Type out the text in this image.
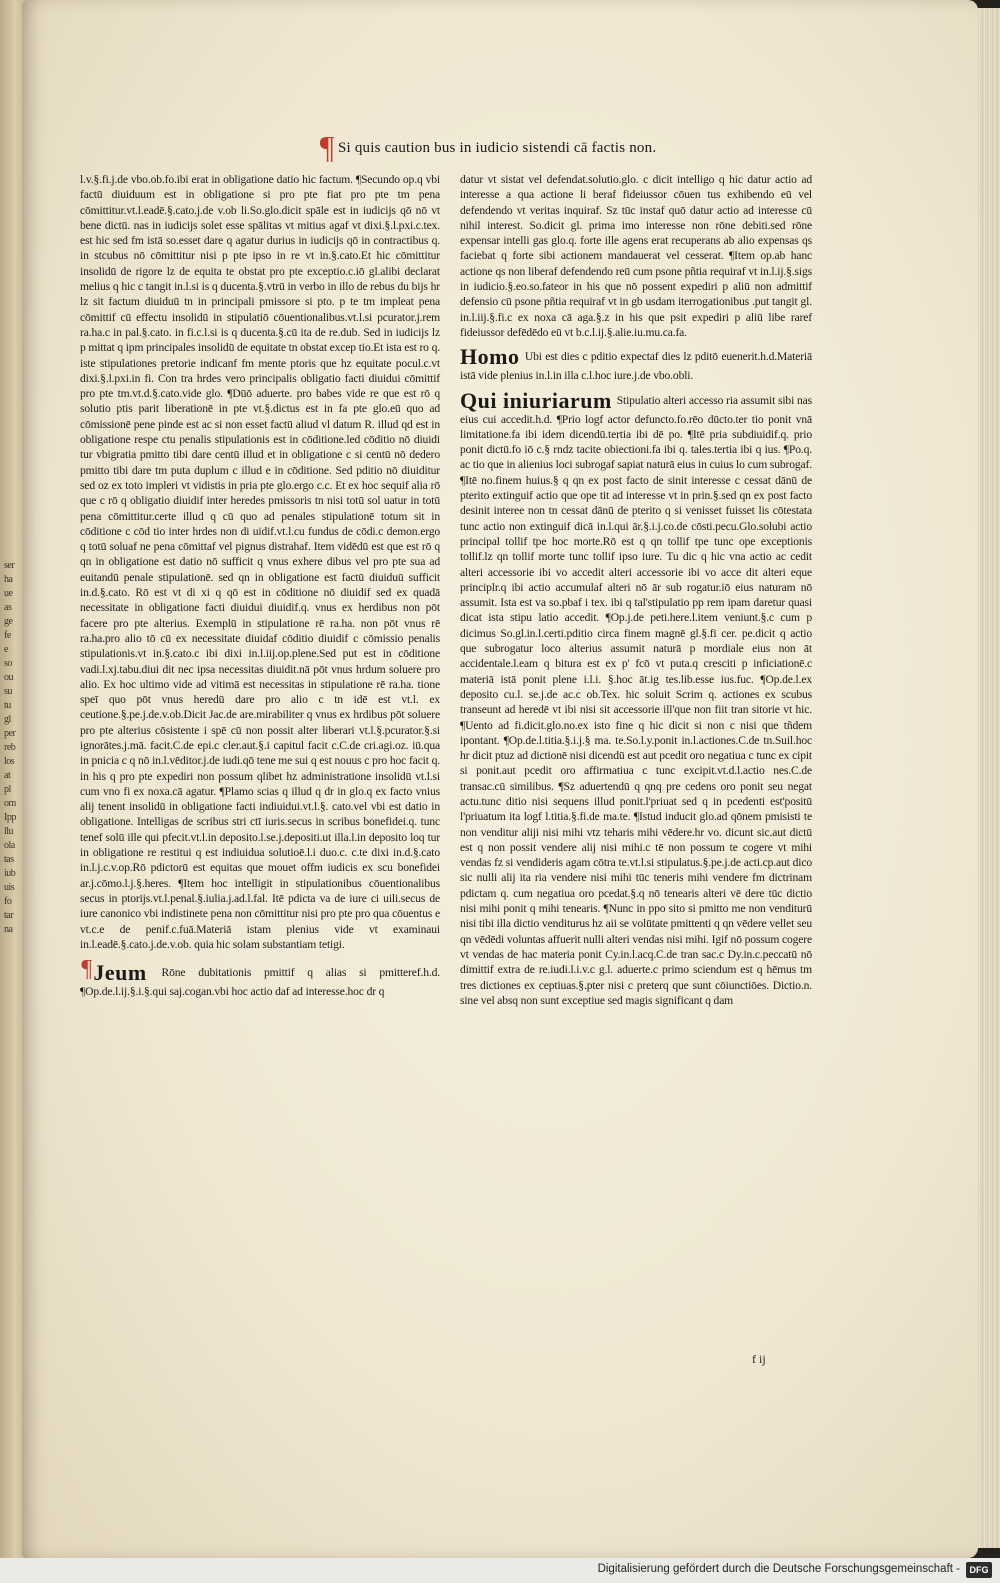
ser
ha
ue
as
ge
fe
e
so
ou
su
tu
gl
per
reb
los
at
pl
om
Ipp
llu
ola
tas
iub
uis
fo
tar
na
¶ Si quis caution bus in iudicio sistendi cā factis non.

l.v.§.fi.j.de vbo.ob.fo.ibi erat in obligatione datio hic factum. ¶Secundo op.q vbi factū diuiduum est in obligatione si pro pte fiat pro pte tm pena cōmittitur.vt.l.eadē.§.cato.j.de v.ob li.So.glo.dicit spāle est in iudicijs qō nō vt bene dictū. nas in iudicijs solet esse spālitas vt mitius agaf vt dixi.§.l.pxi.c.tex. est hic sed fm istā so.esset dare q agatur durius in iudicijs qō in contractibus q. in stcubus nō cōmittitur nisi p pte ipso in re vt in.§.cato.Et hic cōmittitur insolidū de rigore lz de equita te obstat pro pte exceptio.c.iō gl.alibi declarat melius q hic c tangit in.l.si is q ducenta.§.vtrū in verbo in illo de rebus du bijs hr lz sit factum diuiduū tn in principali pmissore si pto. p te tm impleat pena cōmittif cū effectu insolidū in stipulatiō cōuentionalibus.vt.l.si pcurator.j.rem ra.ha.c in pal.§.cato. in fi.c.l.si is q ducenta.§.cū ita de re.dub. Sed in iudicijs lz p mittat q ipm principales insolidū de equitate tn obstat excep tio.Et ista est ro q. iste stipulationes pretorie indicanf fm mente ptoris que hz equitate pocul.c.vt dixi.§.l.pxi.in fi. Con tra hrdes vero principalis obligatio facti diuidui cōmittif pro pte tm.vt.d.§.cato.vide glo. ¶Dūō aduerte. pro babes vide re que est rō q solutio ptis parit liberationē in pte vt.§.dictus est in fa pte glo.eū quo ad cōmissionē pene pinde est ac si non esset factū aliud vl datum R. illud qd est in obligatione respe ctu penalis stipulationis est in cōditione.led cōditio nō diuidi tur vbigratia pmitto tibi dare centū illud et in obligatione c si centū nō dedero pmitto tibi dare tm puta duplum c illud e in cōditione. Sed pditio nō diuiditur sed oz ex toto impleri vt vidistis in pria pte glo.ergo c.c. Et ex hoc sequif alia rō que c rō q obligatio diuidif inter heredes pmissoris tn nisi totū sol uatur in totū pena cōmittitur.certe illud q cū quo ad penales stipulationē totum sit in cōditione c cōd tio inter hrdes non di uidif.vt.l.cu fundus de cōdi.c demon.ergo q totū soluaf ne pena cōmittaf vel pignus distrahaf. Item vidēdū est que est rō q qn in obligatione est datio nō sufficit q vnus exhere dibus vel pro pte sua ad euitandū penale stipulationē. sed qn in obligatione est factū diuiduū sufficit in.d.§.cato. Rō est vt di xi q qō est in cōditione nō diuidif sed ex quadā necessitate in obligatione facti diuidui diuidif.q. vnus ex herdibus non pōt facere pro pte alterius. Exemplū in stipulatione rē ra.ha. non pōt vnus rē ra.ha.pro alio tō cū ex necessitate diuidaf cōditio diuidif c cōmissio penalis stipulationis.vt in.§.cato.c ibi dixi in.l.iij.op.plene.Sed put est in cōditione vadi.l.xj.tabu.diui dit nec ipsa necessitas diuidit.nā pōt vnus hrdum soluere pro alio. Ex hoc ultimo vide ad vitimā est necessitas in stipulatione rē ra.ha. tione speī quo pōt vnus heredū dare pro alio c tn idē est vt.l. ex ceutione.§.pe.j.de.v.ob.Dicit Jac.de are.mirabiliter q vnus ex hrdibus pōt soluere pro pte alterius cōsistente i spē cū non possit alter liberari vt.l.§.pcurator.§.si ignorātes.j.mā. facit.C.de epi.c cler.aut.§.i capitul facit c.C.de cri.agi.oz. iū.qua in pnicia c q nō in.l.vēditor.j.de iudi.qō tene me sui q est nouus c pro hoc facit q. in his q pro pte expediri non possum qlibet hz administratione insolidū vt.l.si cum vno fi ex noxa.cā agatur. ¶Plamo scias q illud q dr in glo.q ex facto vnius alij tenent insolidū in obligatione facti indiuidui.vt.l.§. cato.vel vbi est datio in obligatione. Intelligas de scribus stri ctī iuris.secus in scribus bonefidei.q. tunc tenef solū ille qui pfecit.vt.l.in deposito.l.se.j.depositi.ut illa.l.in deposito loq tur in obligatione re restitui q est indiuidua solutioē.l.i duo.c. c.te dixi in.d.§.cato in.l.j.c.v.op.Rō pdictorū est equitas que mouet offm iudicis ex scu bonefidei ar.j.cōmo.l.j.§.heres. ¶Item hoc intelligit in stipulationibus cōuentionalibus secus in ptorijs.vt.l.penal.§.iulia.j.ad.l.fal. Itē pdicta va de iure ci uili.secus de iure canonico vbi indistinete pena non cōmittitur nisi pro pte pro qua cōuentus e vt.c.e de penif.c.fuā.Materiā istam plenius vide vt examinaui in.l.eadē.§.cato.j.de.v.ob. quia hic solam substantiam tetigi.

¶Jeum Rōne dubitationis pmittif q alias si pmitteref.h.d. ¶Op.de.l.ij.§.i.§.qui saj.cogan.vbi hoc actio daf ad interesse.hoc dr q

datur vt sistat vel defendat.solutio.glo. c dicit intelligo q hic datur actio ad interesse a qua actione li beraf fideiussor cōuen tus exhibendo eū vel defendendo vt veritas inquiraf. Sz tūc instaf quō datur actio ad interesse cū nihil interest. So.dicit gl. prima imo interesse non rōne debiti.sed rōne expensar intelli gas glo.q. forte ille agens erat recuperans ab alio expensas qs faciebat q forte sibi actionem mandauerat vel cesserat. ¶Item op.ab hanc actione qs non liberaf defendendo reū cum psone pñtia requiraf vt in.l.ij.§.sigs in iudicio.§.eo.so.fateor in his que nō possent expediri p aliū non admittif defensio cū psone pñtia requiraf vt in gb usdam iterrogationibus .put tangit gl. in.l.iij.§.fi.c ex noxa cā aga.§.z in his que psit expediri p aliū libe raref fideiussor defēdēdo eū vt b.c.l.ij.§.alie.iu.mu.ca.fa.

Homo Ubi est dies c pditio expectaf dies lz pditō euenerit.h.d.Materiā istā vide plenius in.l.in illa c.l.hoc iure.j.de vbo.obli.

Qui iniuriarum Stipulatio alteri accesso ria assumit sibi nas eius cui accedit.h.d. ¶Prio logf actor defuncto.fo.rēo dūcto.ter tio ponit vnā limitatione.fa ibi idem dicendū.tertia ibi dē po. ¶Itē pria subdiuidif.q. prio ponit dictū.fo iō c.§ rndz tacite obiectioni.fa ibi q. tales.tertia ibi q ius. ¶Po.q. ac tio que in alienius loci subrogaf sapiat naturā eius in cuius lo cum subrogaf. ¶Itē no.finem huius.§ q qn ex post facto de sinit interesse c cessat dānū de pterito extinguif actio que ope tit ad interesse vt in prin.§.sed qn ex post facto desinit interee non tn cessat dānū de pterito q si venisset fuisset lis cōtestata tunc actio non extinguif dicā in.l.qui ār.§.i.j.co.de cōsti.pecu.Glo.solubi actio principal tollif tpe hoc morte.Rō est q qn tollif tpe tunc ope exceptionis tollif.lz qn tollif morte tunc tollif ipso iure. Tu dic q hic vna actio ac cedit alteri accessorie ibi vo accedit alteri accessorie ibi vo acce dit alteri eque principlr.q ibi actio accumulaf alteri nō ār sub rogatur.iō eius naturam nō assumit. Ista est va so.pbaf i tex. ibi q tal'stipulatio pp rem ipam daretur quasi dicat ista stipu latio accedit. ¶Op.j.de peti.here.l.item veniunt.§.c cum p dicimus So.gl.in.l.certi.pditio circa finem magnē gl.§.fi cer. pe.dicit q actio que subrogatur loco alterius assumit naturā p mordiale eius non āt accidentale.l.eam q bitura est ex p' fcō vt puta.q cresciti p inficiationē.c materiā istā ponit plene i.l.i. §.hoc āt.ig tes.lib.esse ius.fuc. ¶Op.de.l.ex deposito cu.l. se.j.de ac.c ob.Tex. hic soluit Scrim q. actiones ex scubus transeunt ad heredē vt ibi nisi sit accessorie ill'que non fiit tran sitorie vt hic. ¶Uento ad fi.dicit.glo.no.ex isto fine q hic dicit si non c nisi que tñdem ipontant. ¶Op.de.l.titia.§.i.j.§ ma. te.So.l.y.ponit in.l.actiones.C.de tn.Suil.hoc hr dicit ptuz ad dictionē nisi dicendū est aut pcedit oro negatiua c tunc ex cipit si ponit.aut pcedit oro affirmatiua c tunc excipit.vt.d.l.actio nes.C.de transac.cū similibus. ¶Sz aduertendū q qnq pre cedens oro ponit seu negat actu.tunc ditio nisi sequens illud ponit.l'priuat sed q in pcedenti est'positū l'priuatum ita logf l.titia.§.fi.de ma.te. ¶Istud inducit glo.ad qōnem pmisisti te non venditur aliji nisi mihi vtz teharis mihi vēdere.hr vo. dicunt sic.aut dictū est q non possit vendere alij nisi mihi.c tē non possum te cogere vt mihi vendas fz si vendideris agam cōtra te.vt.l.si stipulatus.§.pe.j.de acti.cp.aut dico sic nulli alij ita ria vendere nisi mihi tūc teneris mihi vendere fm dictrinam pdictam q. cum negatiua oro pcedat.§.q nō tenearis alteri vē dere tūc dictio nisi mihi ponit q mihi tenearis. ¶Nunc in ppo sito si pmitto me non venditurū nisi tibi illa dictio venditurus hz aii se volūtate pmittenti q qn vēdere vellet seu qn vēdēdi voluntas affuerit nulli alteri vendas nisi mihi. Igif nō possum cogere vt vendas de hac materia ponit Cy.in.l.acq.C.de tran sac.c Dy.in.c.peccatū nō dimittif extra de re.iudi.l.i.v.c g.l. aduerte.c primo sciendum est q hēmus tm tres dictiones ex ceptiuas.§.pter nisi c preterq que sunt cōiunctiōes. Dictio.n. sine vel absq non sunt exceptiue sed magis significant q dam

f ij
Digitalisierung gefördert durch die Deutsche Forschungsgemeinschaft -	DFG
